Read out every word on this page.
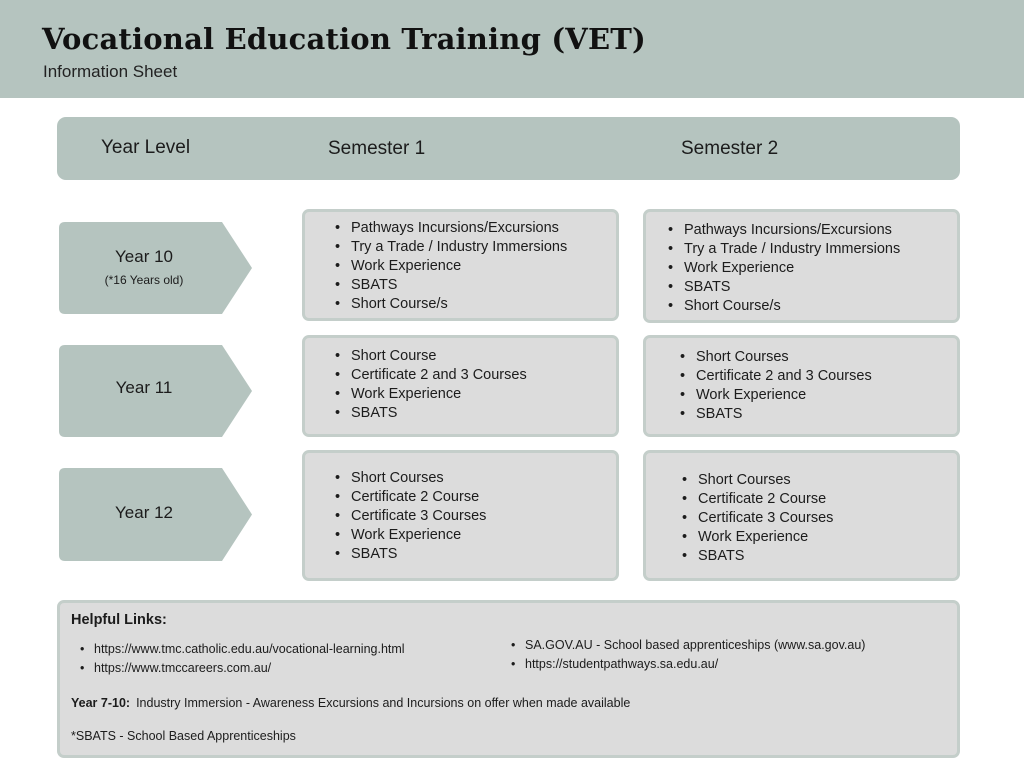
Vocational Education Training (VET)
Information Sheet
Year Level	Semester 1	Semester 2
Year 10
(*16 Years old)
• Pathways Incursions/Excursions
• Try a Trade / Industry Immersions
• Work Experience
• SBATS
• Short Course/s
• Pathways Incursions/Excursions
• Try a Trade / Industry Immersions
• Work Experience
• SBATS
• Short Course/s
Year 11
• Short Course
• Certificate 2 and 3 Courses
• Work Experience
• SBATS
• Short Courses
• Certificate 2 and 3 Courses
• Work Experience
• SBATS
Year 12
• Short Courses
• Certificate 2 Course
• Certificate 3 Courses
• Work Experience
• SBATS
• Short Courses
• Certificate 2 Course
• Certificate 3 Courses
• Work Experience
• SBATS
Helpful Links:
• https://www.tmc.catholic.edu.au/vocational-learning.html
• https://www.tmccareers.com.au/
• SA.GOV.AU - School based apprenticeships (www.sa.gov.au)
• https://studentpathways.sa.edu.au/
Year 7-10: Industry Immersion - Awareness Excursions and Incursions on offer when made available
*SBATS - School Based Apprenticeships
